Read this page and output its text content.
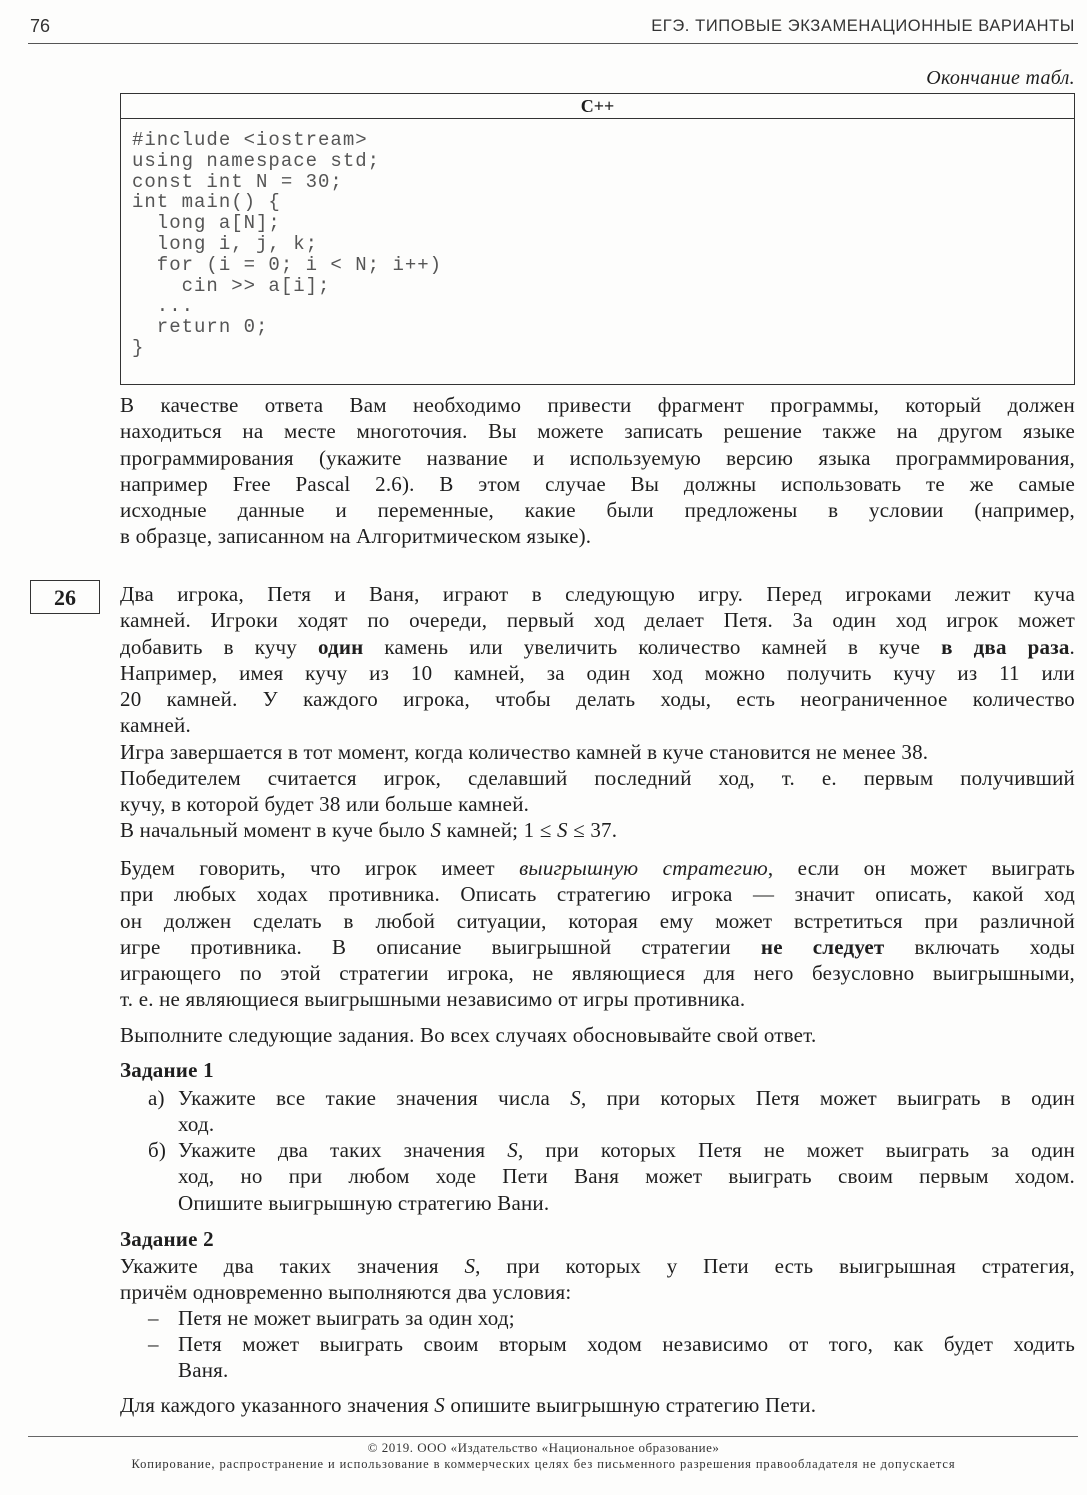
76	ЕГЭ. ТИПОВЫЕ ЭКЗАМЕНАЦИОННЫЕ ВАРИАНТЫ
Окончание табл.
C++
#include <iostream>
using namespace std;
const int N = 30;
int main() {
long a[N];
long i, j, k;
for (i = 0; i < N; i++)
cin >> a[i];
...
return 0;
}
В качестве ответа Вам необходимо привести фрагмент программы, который должен
находиться на месте многоточия. Вы можете записать решение также на другом языке
программирования (укажите название и используемую версию языка программирования,
например Free Pascal 2.6). В этом случае Вы должны использовать те же самые
исходные данные и переменные, какие были предложены в условии (например,
в образце, записанном на Алгоритмическом языке).
26	Два игрока, Петя и Ваня, играют в следующую игру. Перед игроками лежит куча
камней. Игроки ходят по очереди, первый ход делает Петя. За один ход игрок может
добавить в кучу один камень или увеличить количество камней в куче в два раза.
Например, имея кучу из 10 камней, за один ход можно получить кучу из 11 или
20 камней. У каждого игрока, чтобы делать ходы, есть неограниченное количество
камней.
Игра завершается в тот момент, когда количество камней в куче становится не менее 38.
Победителем считается игрок, сделавший последний ход, т. е. первым получивший
кучу, в которой будет 38 или больше камней.
В начальный момент в куче было S камней; 1 ≤ S ≤ 37.
Будем говорить, что игрок имеет выигрышную стратегию, если он может выиграть
при любых ходах противника. Описать стратегию игрока — значит описать, какой ход
он должен сделать в любой ситуации, которая ему может встретиться при различной
игре противника. В описание выигрышной стратегии не следует включать ходы
играющего по этой стратегии игрока, не являющиеся для него безусловно выигрышными,
т. е. не являющиеся выигрышными независимо от игры противника.
Выполните следующие задания. Во всех случаях обосновывайте свой ответ.
Задание 1
а) Укажите все такие значения числа S, при которых Петя может выиграть в один
ход.
б) Укажите два таких значения S, при которых Петя не может выиграть за один
ход, но при любом ходе Пети Ваня может выиграть своим первым ходом.
Опишите выигрышную стратегию Вани.
Задание 2
Укажите два таких значения S, при которых у Пети есть выигрышная стратегия,
причём одновременно выполняются два условия:
– Петя не может выиграть за один ход;
– Петя может выиграть своим вторым ходом независимо от того, как будет ходить
Ваня.
Для каждого указанного значения S опишите выигрышную стратегию Пети.
© 2019. ООО «Издательство «Национальное образование»
Копирование, распространение и использование в коммерческих целях без письменного разрешения правообладателя не допускается
